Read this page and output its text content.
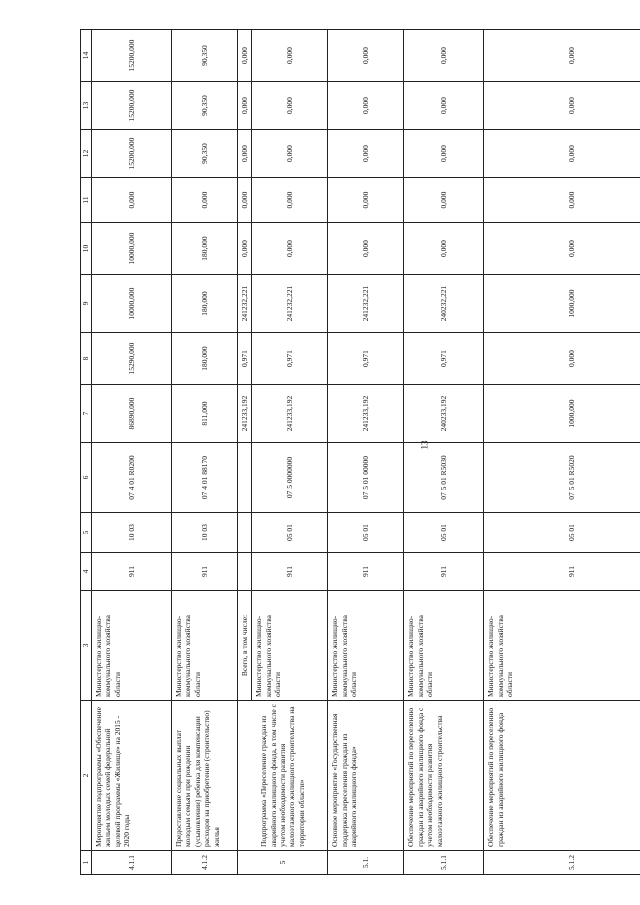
13
1	2	3	4	5	6	7	8	9	10	11	12	13	14
4.1.1	Мероприятие подпрограммы «Обеспечение жильем молодых семей федеральной целевой программы «Жилище» на 2015 - 2020 годы	Министерство жилищно-коммунального хозяйства области	911	10 03	07 4 01 R0200	86890,000	15290,000	10000,000	10000,000	0,000	15200,000	15200,000	15200,000
4.1.2	Предоставление социальных выплат молодым семьям при рождении (усыновлении) ребенка для компенсации расходов на приобретение (строительство) жилья	Министерство жилищно-коммунального хозяйства области	911	10 03	07 4 01 88170	811,000	180,000	180,000	180,000	0,000	90,350	90,350	90,350
5	Подпрограмма «Переселение граждан из аварийного жилищного фонда, в том числе с учетом необходимости развития малоэтажного жилищного строительства на территории области»	Всего, в том числе:				241233,192	0,971	241232,221	0,000	0,000	0,000	0,000	0,000
		Министерство жилищно-коммунального хозяйства области	911	05 01	07 5 0000000	241233,192	0,971	241232,221	0,000	0,000	0,000	0,000	0,000
5.1.	Основное мероприятие «Государственная поддержка переселения граждан из аварийного жилищного фонда»	Министерство жилищно-коммунального хозяйства области	911	05 01	07 5 01 00000	241233,192	0,971	241232,221	0,000	0,000	0,000	0,000	0,000
5.1.1	Обеспечение мероприятий по переселению граждан из аварийного жилищного фонда с учетом необходимости развития малоэтажного жилищного строительства	Министерство жилищно-коммунального хозяйства области	911	05 01	07 5 01 R5030	240233,192	0,971	240232,221	0,000	0,000	0,000	0,000	0,000
5.1.2	Обеспечение мероприятий по переселению граждан из аварийного жилищного фонда	Министерство жилищно-коммунального хозяйства области	911	05 01	07 5 01 R5020	1000,000	0,000	1000,000	0,000	0,000	0,000	0,000	0,000
